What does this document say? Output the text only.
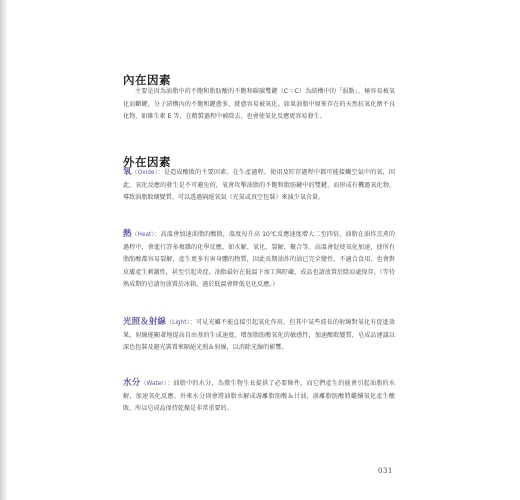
內在因素

主要是因為油脂中的不飽和脂肪酸的不飽和碳碳雙鍵（C＝C）為結構中的「弱點」，極容易被氧化而斷鍵，分子結構內的不飽和鍵愈多，就愈容易被氧化。如果油脂中原來存在的天然抗氧化劑不良化物，如維生素 E 等，在精製過程中被除去，也會使氧化反應更容易發生。

外在因素

氧（Oxide）：是造成酸敗的主要因素。在生產過程、使用及貯存過程中都可能接觸空氣中的氧，因此，氧化反應的發生是不可避免的，氧會攻擊油脂的不飽和脂肪鏈中的雙鍵，而形成有機過氧化物，導致油脂敗壞變質。可以透過隔絕氧氣（充氮或真空包裝）來減少氧含量。

熱（Heat）：高溫會加速油脂的酸敗，溫度每升高 10℃反應速度增大二至四倍，油脂在油炸烹煮的過程中，會進行許多複雜的化學反應，如水解、氧化、裂解、聚合等。高溫會促使氧化加速，使所有脂肪酸都容易裂解，產生更多有害身體的物質，因此長期油炸的油已完全變性，不適合食用，也會對皮膚產生刺激性，甚至引起炎症。油脂最好在低溫下加工與貯藏，成品也請放置於陰涼處保存。（等待熟成期的皂請勿放置於冰箱，過於低溫會降低皂化反應。）

光照＆射線（Light）：可見光雖不能直接引起氧化作用，但其中某些波長的射線對氧化有促進效果，射線能顯著地提高自由基的生成速度，增加脂肪酸氧化的敏感性，加速酸敗變質，皂成品建議以深色包裝及避光裝置來隔絕光照＆射線，以消除光線的影響。

水分（Water）：油脂中的水分，為微生物生長提供了必要條件，而它們產生的能會引起油脂的水解，加速氧化反應。外來水分則會將油脂水解成游離脂肪酸＆甘油，游離脂肪酸將繼續氧化產生酸敗，所以皂成品保持乾燥是非常重要的。

031
